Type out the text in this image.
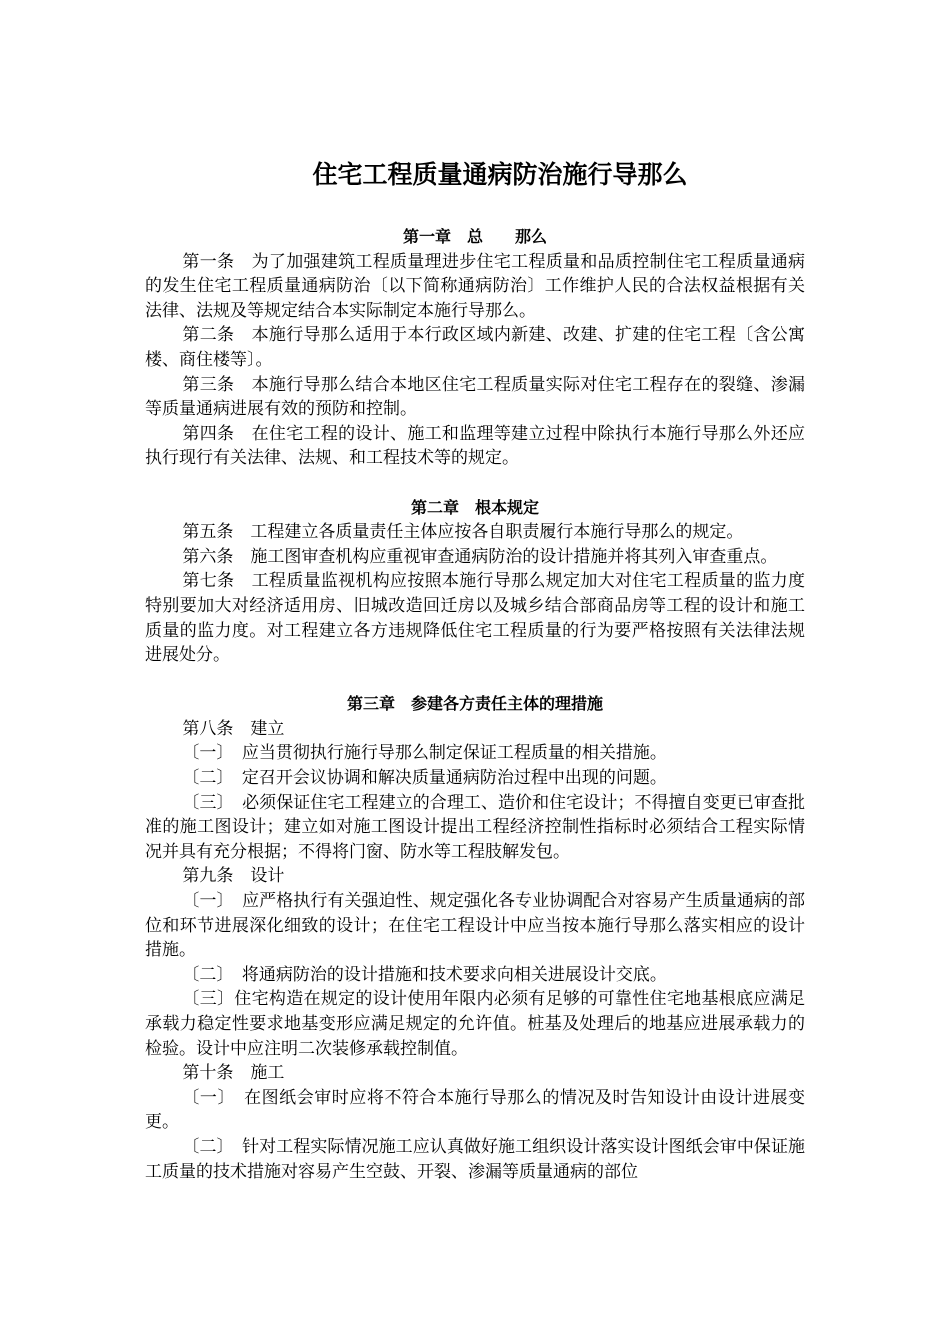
住宅工程质量通病防治施行导那么
第一章　总　　那么

第一条　为了加强建筑工程质量理进步住宅工程质量和品质控制住宅工程质量通病的发生住宅工程质量通病防治〔以下简称通病防治〕工作维护人民的合法权益根据有关法律、法规及等规定结合本实际制定本施行导那么。

第二条　本施行导那么适用于本行政区域内新建、改建、扩建的住宅工程〔含公寓楼、商住楼等〕。

第三条　本施行导那么结合本地区住宅工程质量实际对住宅工程存在的裂缝、渗漏等质量通病进展有效的预防和控制。

第四条　在住宅工程的设计、施工和监理等建立过程中除执行本施行导那么外还应执行现行有关法律、法规、和工程技术等的规定。

第二章　根本规定

第五条　工程建立各质量责任主体应按各自职责履行本施行导那么的规定。

第六条　施工图审查机构应重视审查通病防治的设计措施并将其列入审查重点。

第七条　工程质量监视机构应按照本施行导那么规定加大对住宅工程质量的监力度特别要加大对经济适用房、旧城改造回迁房以及城乡结合部商品房等工程的设计和施工质量的监力度。对工程建立各方违规降低住宅工程质量的行为要严格按照有关法律法规进展处分。

第三章　参建各方责任主体的理措施

第八条　建立

〔一〕　应当贯彻执行施行导那么制定保证工程质量的相关措施。

〔二〕　定召开会议协调和解决质量通病防治过程中出现的问题。

〔三〕　必须保证住宅工程建立的合理工、造价和住宅设计；不得擅自变更已审查批准的施工图设计；建立如对施工图设计提出工程经济控制性指标时必须结合工程实际情况并具有充分根据；不得将门窗、防水等工程肢解发包。

第九条　设计

〔一〕　应严格执行有关强迫性、规定强化各专业协调配合对容易产生质量通病的部位和环节进展深化细致的设计；在住宅工程设计中应当按本施行导那么落实相应的设计措施。

〔二〕　将通病防治的设计措施和技术要求向相关进展设计交底。

〔三〕住宅构造在规定的设计使用年限内必须有足够的可靠性住宅地基根底应满足承载力稳定性要求地基变形应满足规定的允许值。桩基及处理后的地基应进展承载力的检验。设计中应注明二次装修承载控制值。

第十条　施工

〔一〕　在图纸会审时应将不符合本施行导那么的情况及时告知设计由设计进展变更。

〔二〕　针对工程实际情况施工应认真做好施工组织设计落实设计图纸会审中保证施工质量的技术措施对容易产生空鼓、开裂、渗漏等质量通病的部位
